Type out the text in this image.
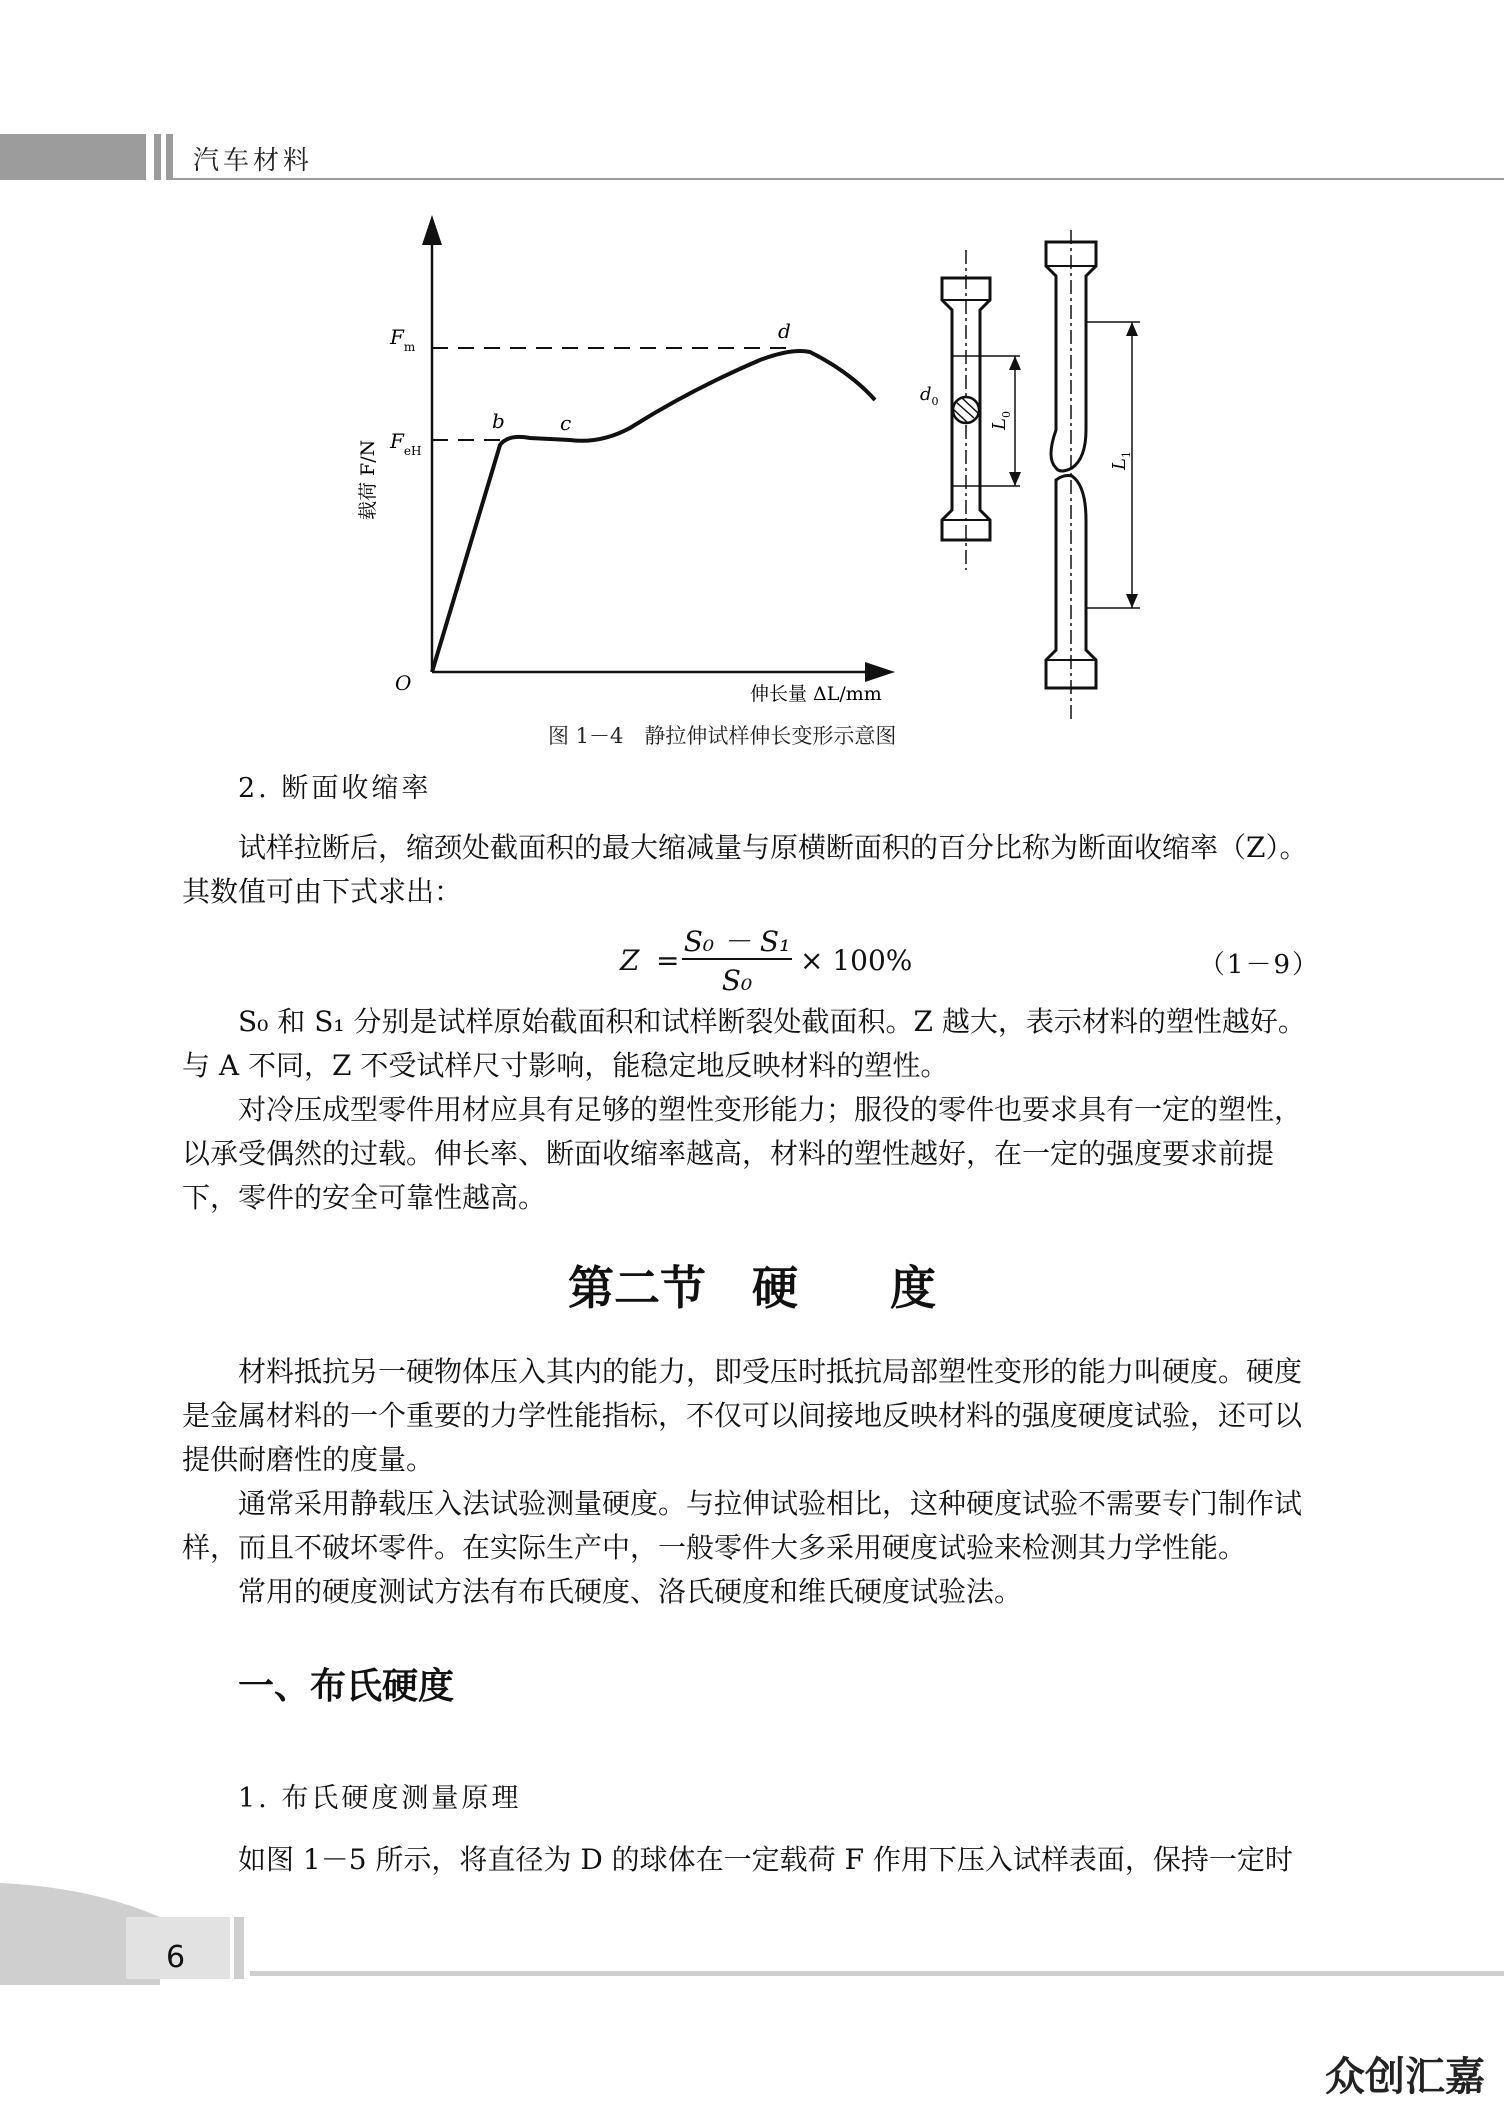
汽车材料
载荷 F/N
伸长量 ΔL/mm
O
b	c
d
$F_m$
$F_{eH}$
$d_0$
$L_0$
$L_1$
图 1－4　静拉伸试样伸长变形示意图
2. 断面收缩率

试样拉断后，缩颈处截面积的最大缩减量与原横断面积的百分比称为断面收缩率（Z）。其数值可由下式求出：

Z =
S₀ － S₁
S₀
× 100%	（1－9）

S₀ 和 S₁ 分别是试样原始截面积和试样断裂处截面积。Z 越大，表示材料的塑性越好。与 A 不同，Z 不受试样尺寸影响，能稳定地反映材料的塑性。

对冷压成型零件用材应具有足够的塑性变形能力；服役的零件也要求具有一定的塑性，以承受偶然的过载。伸长率、断面收缩率越高，材料的塑性越好，在一定的强度要求前提下，零件的安全可靠性越高。

第二节　硬　　度

材料抵抗另一硬物体压入其内的能力，即受压时抵抗局部塑性变形的能力叫硬度。硬度是金属材料的一个重要的力学性能指标，不仅可以间接地反映材料的强度硬度试验，还可以提供耐磨性的度量。

通常采用静载压入法试验测量硬度。与拉伸试验相比，这种硬度试验不需要专门制作试样，而且不破坏零件。在实际生产中，一般零件大多采用硬度试验来检测其力学性能。

常用的硬度测试方法有布氏硬度、洛氏硬度和维氏硬度试验法。

一、布氏硬度
1. 布氏硬度测量原理

如图 1－5 所示，将直径为 D 的球体在一定载荷 F 作用下压入试样表面，保持一定时

6
众创汇嘉
